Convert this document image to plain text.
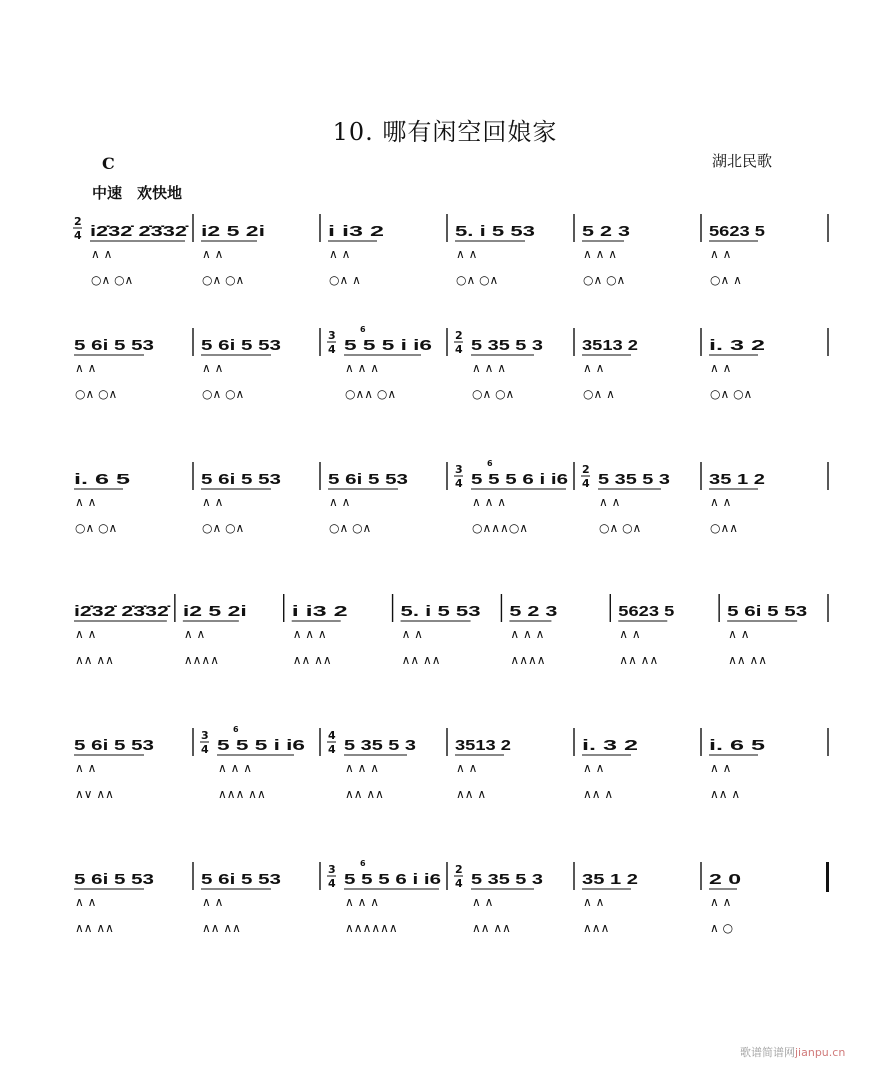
10. 哪有闲空回娘家
湖北民歌
C
中速　欢快地
2
4 i2̇32̇ 2̇3̇32̇
∧ ∧
○∧ ○∧
i2 5 2i
∧ ∧
○∧ ○∧
i i3 2
∧ ∧
○∧ ∧
5. i 5 53
∧ ∧
○∧ ○∧
5 2 3
∧ ∧ ∧
○∧ ○∧
5623 5
∧ ∧
○∧ ∧
5 6i 5 53
∧ ∧
○∧ ○∧
5 6i 5 53
∧ ∧
○∧ ○∧
3
4
6
5 5 5 i i6
∧ ∧ ∧
○∧∧ ○∧
2
4 5 35 5 3
∧ ∧ ∧
○∧ ○∧
3513 2
∧ ∧
○∧ ∧
i. 3 2
∧ ∧
○∧ ○∧
i. 6 5
∧ ∧
○∧ ○∧
5 6i 5 53
∧ ∧
○∧ ○∧
5 6i 5 53
∧ ∧
○∧ ○∧
3
4
6
5 5 5 6 i i6
∧ ∧ ∧
○∧∧∧○∧
2
4 5 35 5 3
∧ ∧
○∧ ○∧
35 1 2
∧ ∧
○∧∧
i2̇32̇ 2̇3̇32̇
∧ ∧
∧∧ ∧∧
i2 5 2i
∧ ∧
∧∧∧∧
i i3 2
∧ ∧ ∧
∧∧ ∧∧
5. i 5 53
∧ ∧
∧∧ ∧∧
5 2 3
∧ ∧ ∧
∧∧∧∧
5623 5
∧ ∧
∧∧ ∧∧
5 6i 5 53
∧ ∧
∧∧ ∧∧
5 6i 5 53
∧ ∧
∧∨ ∧∧
3
4
6
5 5 5 i i6
∧ ∧ ∧
∧∧∧ ∧∧
4
4 5 35 5 3
∧ ∧ ∧
∧∧ ∧∧
3513 2
∧ ∧
∧∧ ∧
i. 3 2
∧ ∧
∧∧ ∧
i. 6 5
∧ ∧
∧∧ ∧
5 6i 5 53
∧ ∧
∧∧ ∧∧
5 6i 5 53
∧ ∧
∧∧ ∧∧
3
4
6
5 5 5 6 i i6
∧ ∧ ∧
∧∧∧∧∧∧
2
4 5 35 5 3
∧ ∧
∧∧ ∧∧
35 1 2
∧ ∧
∧∧∧
2 0
∧ ∧
∧ ○
歌谱简谱网jianpu.cn
